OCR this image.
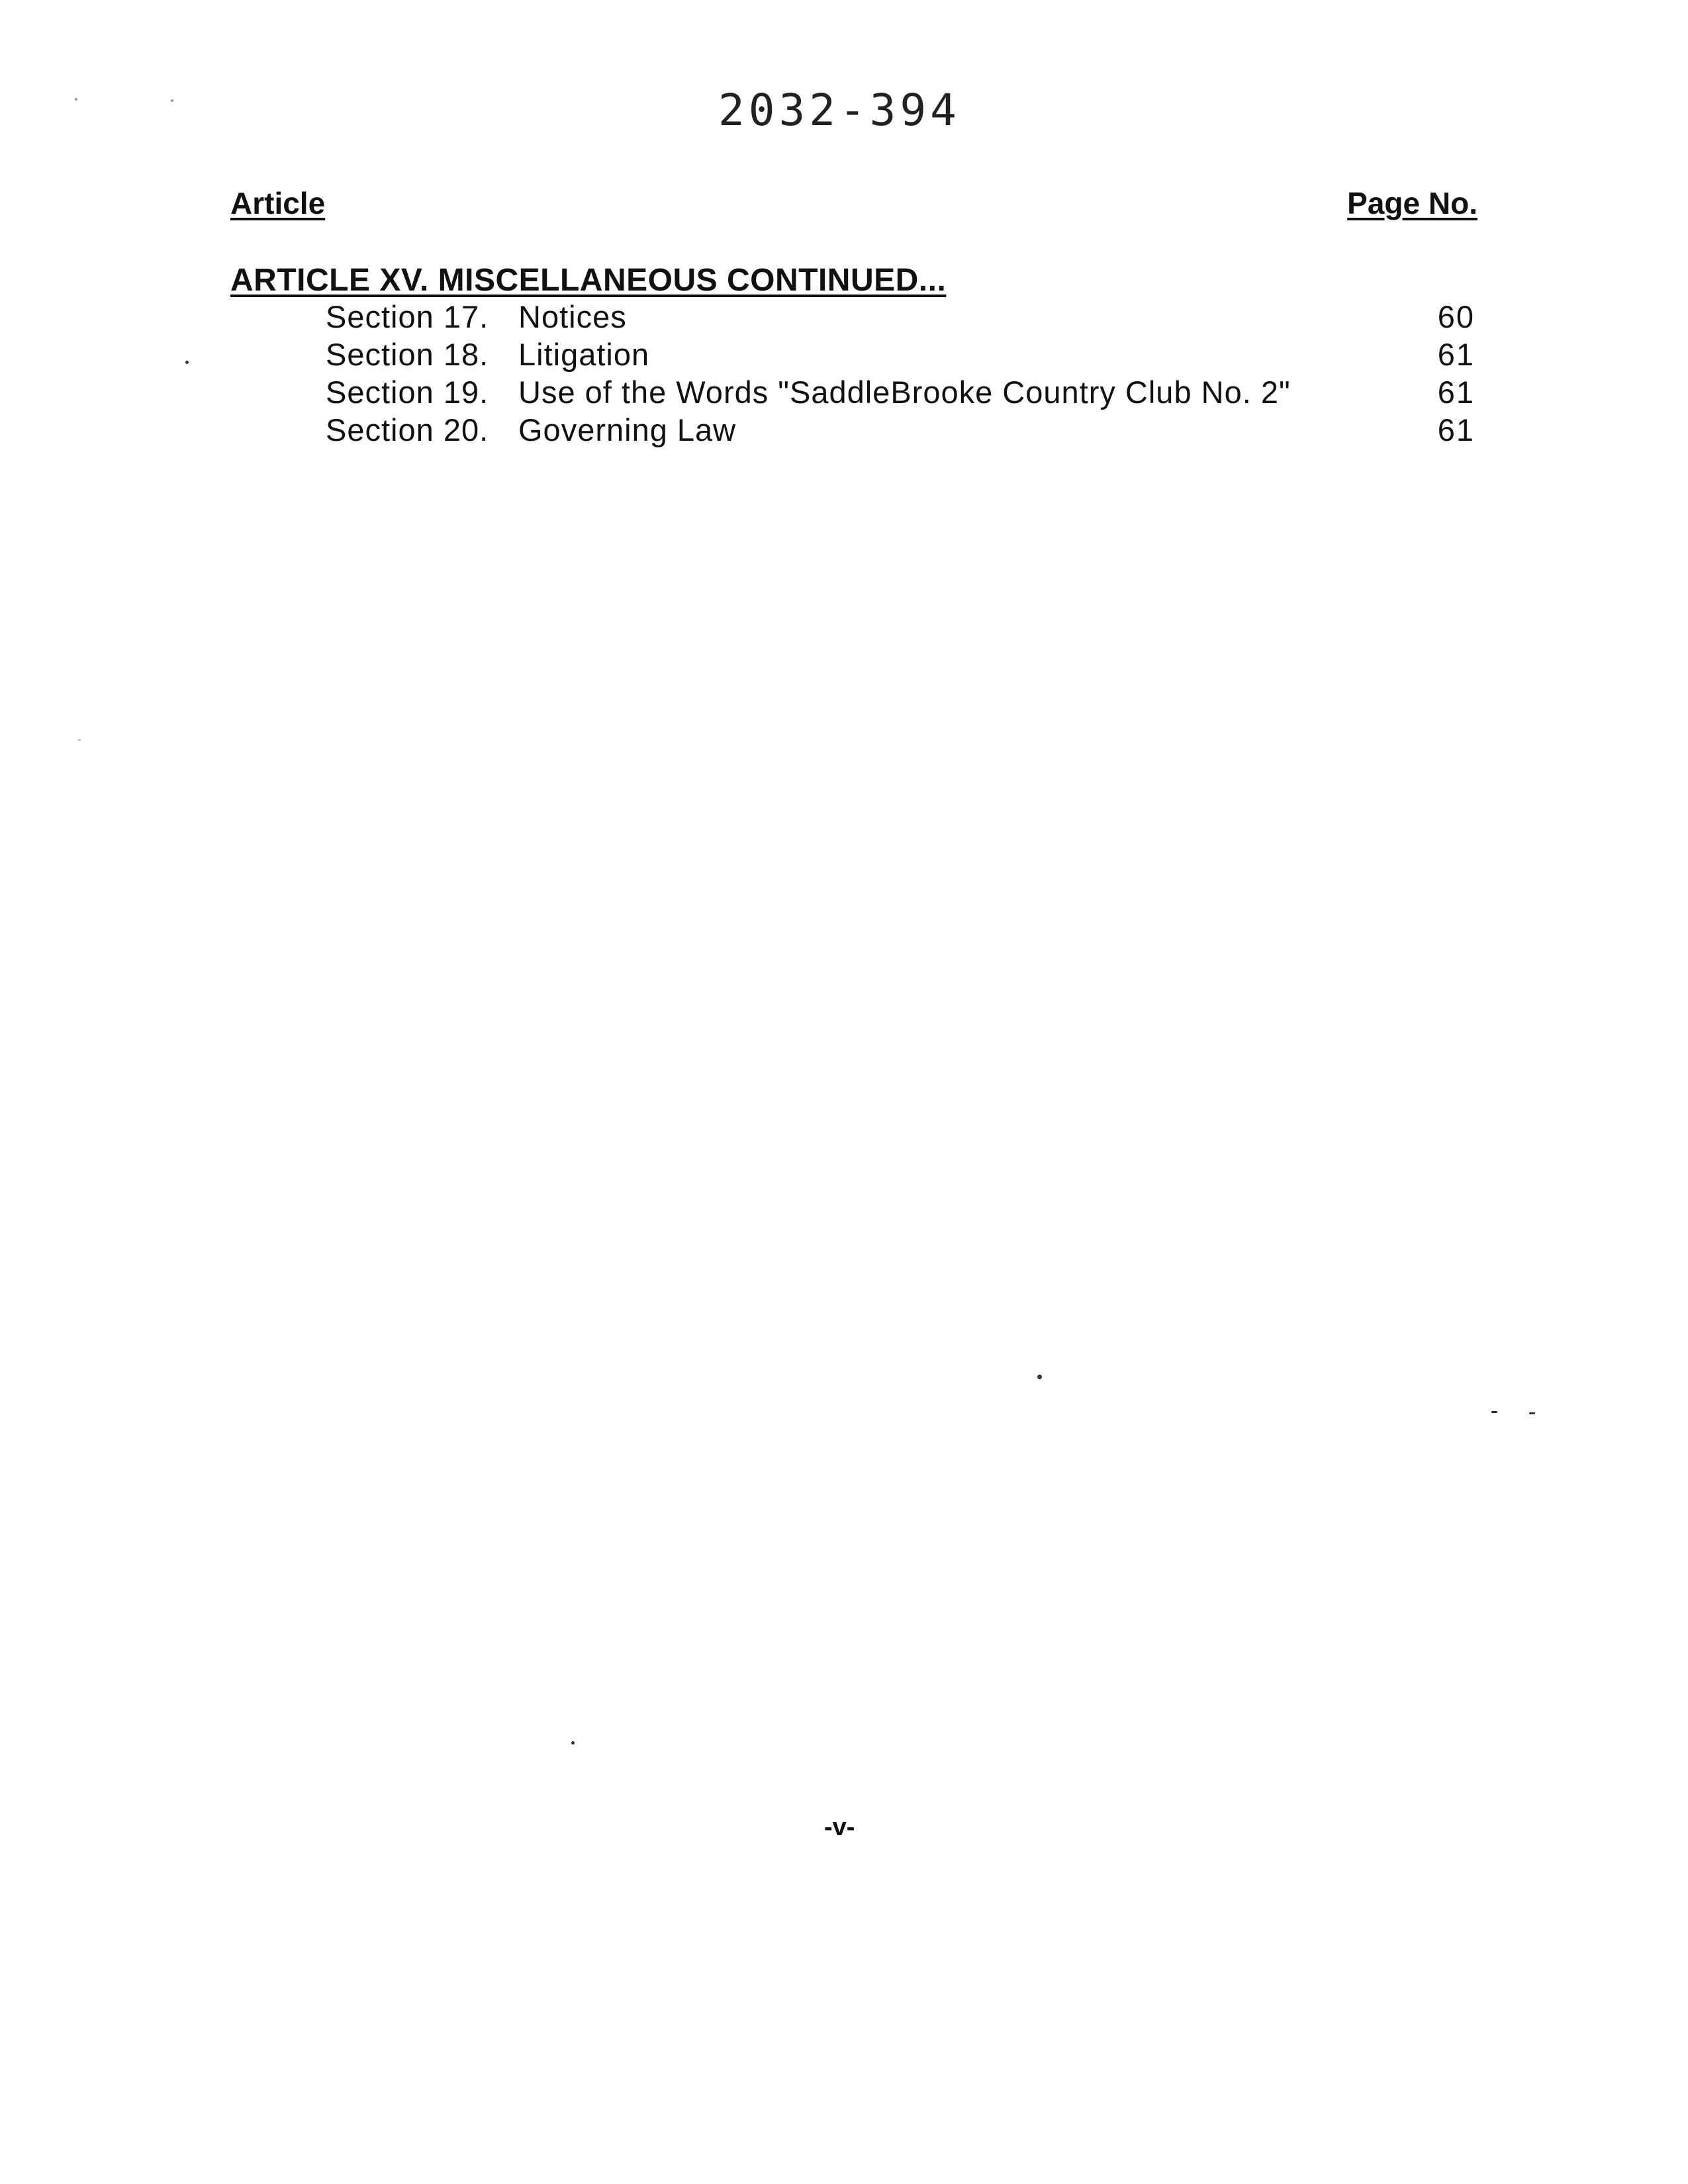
2032-394
Article	Page No.
ARTICLE XV. MISCELLANEOUS CONTINUED...
Section 17. Notices	60
Section 18. Litigation	61
Section 19. Use of the Words "SaddleBrooke Country Club No. 2"	61
Section 20. Governing Law	61
-v-
